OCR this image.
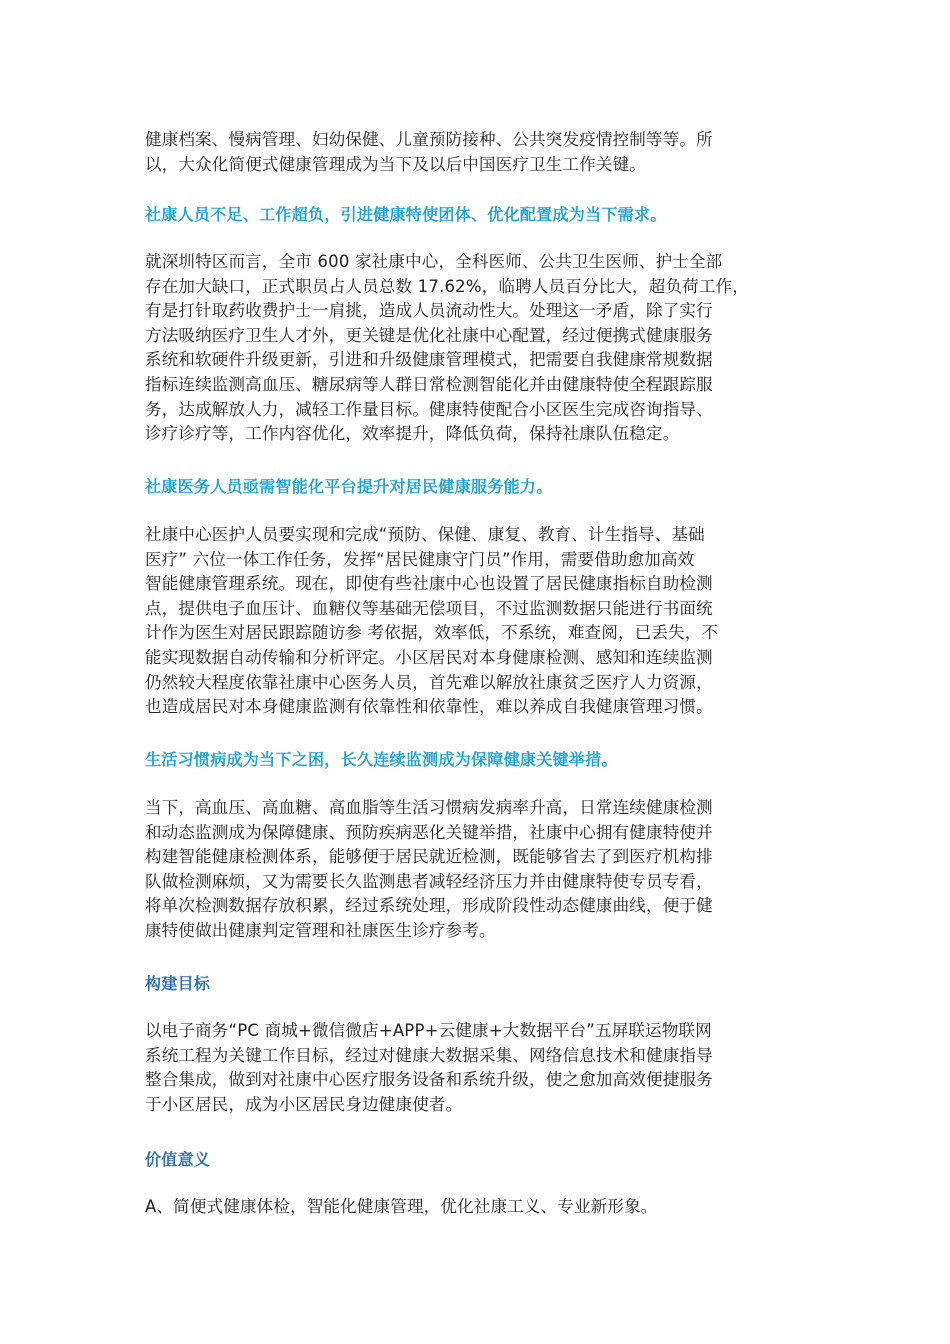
健康档案、慢病管理、妇幼保健、儿童预防接种、公共突发疫情控制等等。所
以，大众化简便式健康管理成为当下及以后中国医疗卫生工作关键。
社康人员不足、工作超负，引进健康特使团体、优化配置成为当下需求。
就深圳特区而言，全市 600 家社康中心，全科医师、公共卫生医师、护士全部
存在加大缺口，正式职员占人员总数 17.62%，临聘人员百分比大，超负荷工作，
有是打针取药收费护士一肩挑，造成人员流动性大。处理这一矛盾，除了实行
方法吸纳医疗卫生人才外，更关键是优化社康中心配置，经过便携式健康服务
系统和软硬件升级更新，引进和升级健康管理模式，把需要自我健康常规数据
指标连续监测高血压、糖尿病等人群日常检测智能化并由健康特使全程跟踪服
务，达成解放人力，减轻工作量目标。健康特使配合小区医生完成咨询指导、
诊疗诊疗等，工作内容优化，效率提升，降低负荷，保持社康队伍稳定。
社康医务人员亟需智能化平台提升对居民健康服务能力。
社康中心医护人员要实现和完成“预防、保健、康复、教育、计生指导、基础
医疗” 六位一体工作任务，发挥“居民健康守门员”作用，需要借助愈加高效
智能健康管理系统。现在，即使有些社康中心也设置了居民健康指标自助检测
点，提供电子血压计、血糖仪等基础无偿项目，不过监测数据只能进行书面统
计作为医生对居民跟踪随访参 考依据，效率低，不系统，难查阅，已丢失，不
能实现数据自动传输和分析评定。小区居民对本身健康检测、感知和连续监测
仍然较大程度依靠社康中心医务人员，首先难以解放社康贫乏医疗人力资源，
也造成居民对本身健康监测有依靠性和依靠性，难以养成自我健康管理习惯。
生活习惯病成为当下之困，长久连续监测成为保障健康关键举措。
当下，高血压、高血糖、高血脂等生活习惯病发病率升高，日常连续健康检测
和动态监测成为保障健康、预防疾病恶化关键举措，社康中心拥有健康特使并
构建智能健康检测体系，能够便于居民就近检测，既能够省去了到医疗机构排
队做检测麻烦，又为需要长久监测患者减轻经济压力并由健康特使专员专看，
将单次检测数据存放积累，经过系统处理，形成阶段性动态健康曲线，便于健
康特使做出健康判定管理和社康医生诊疗参考。
构建目标
以电子商务“PC 商城+微信微店+APP+云健康+大数据平台”五屏联运物联网
系统工程为关键工作目标，经过对健康大数据采集、网络信息技术和健康指导
整合集成，做到对社康中心医疗服务设备和系统升级，使之愈加高效便捷服务
于小区居民，成为小区居民身边健康使者。
价值意义
A、简便式健康体检，智能化健康管理，优化社康工义、专业新形象。
